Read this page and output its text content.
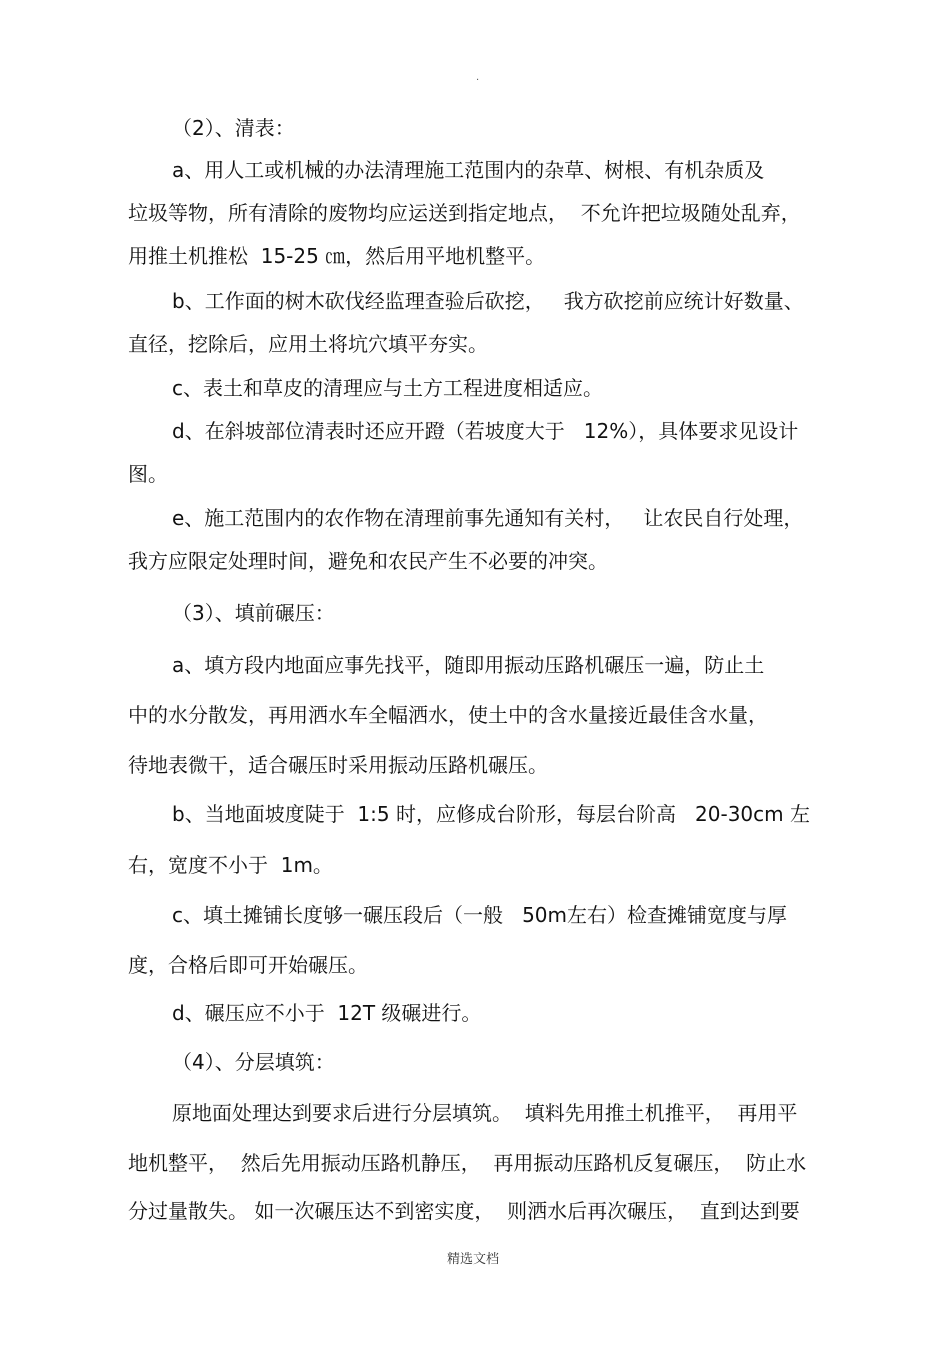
.
（2）、清表：
a、用人工或机械的办法清理施工范围内的杂草、树根、有机杂质及
垃圾等物，所有清除的废物均应运送到指定地点，  不允许把垃圾随处乱弃，
用推土机推松  15-25 ㎝，然后用平地机整平。
b、工作面的树木砍伐经监理查验后砍挖，   我方砍挖前应统计好数量、
直径，挖除后，应用土将坑穴填平夯实。
c、表土和草皮的清理应与土方工程进度相适应。
d、在斜坡部位清表时还应开蹬（若坡度大于   12%），具体要求见设计
图。
e、施工范围内的农作物在清理前事先通知有关村，   让农民自行处理，
我方应限定处理时间，避免和农民产生不必要的冲突。
（3）、填前碾压：
a、填方段内地面应事先找平，随即用振动压路机碾压一遍，防止土
中的水分散发，再用洒水车全幅洒水，使土中的含水量接近最佳含水量，
待地表微干，适合碾压时采用振动压路机碾压。
b、当地面坡度陡于  1:5 时，应修成台阶形，每层台阶高   20-30cm 左
右，宽度不小于  1m。
c、填土摊铺长度够一碾压段后（一般   50m左右）检查摊铺宽度与厚
度，合格后即可开始碾压。
d、碾压应不小于  12T 级碾进行。
（4）、分层填筑：
原地面处理达到要求后进行分层填筑。  填料先用推土机推平，  再用平
地机整平，  然后先用振动压路机静压，  再用振动压路机反复碾压，  防止水
分过量散失。 如一次碾压达不到密实度，  则洒水后再次碾压，  直到达到要
精选文档
